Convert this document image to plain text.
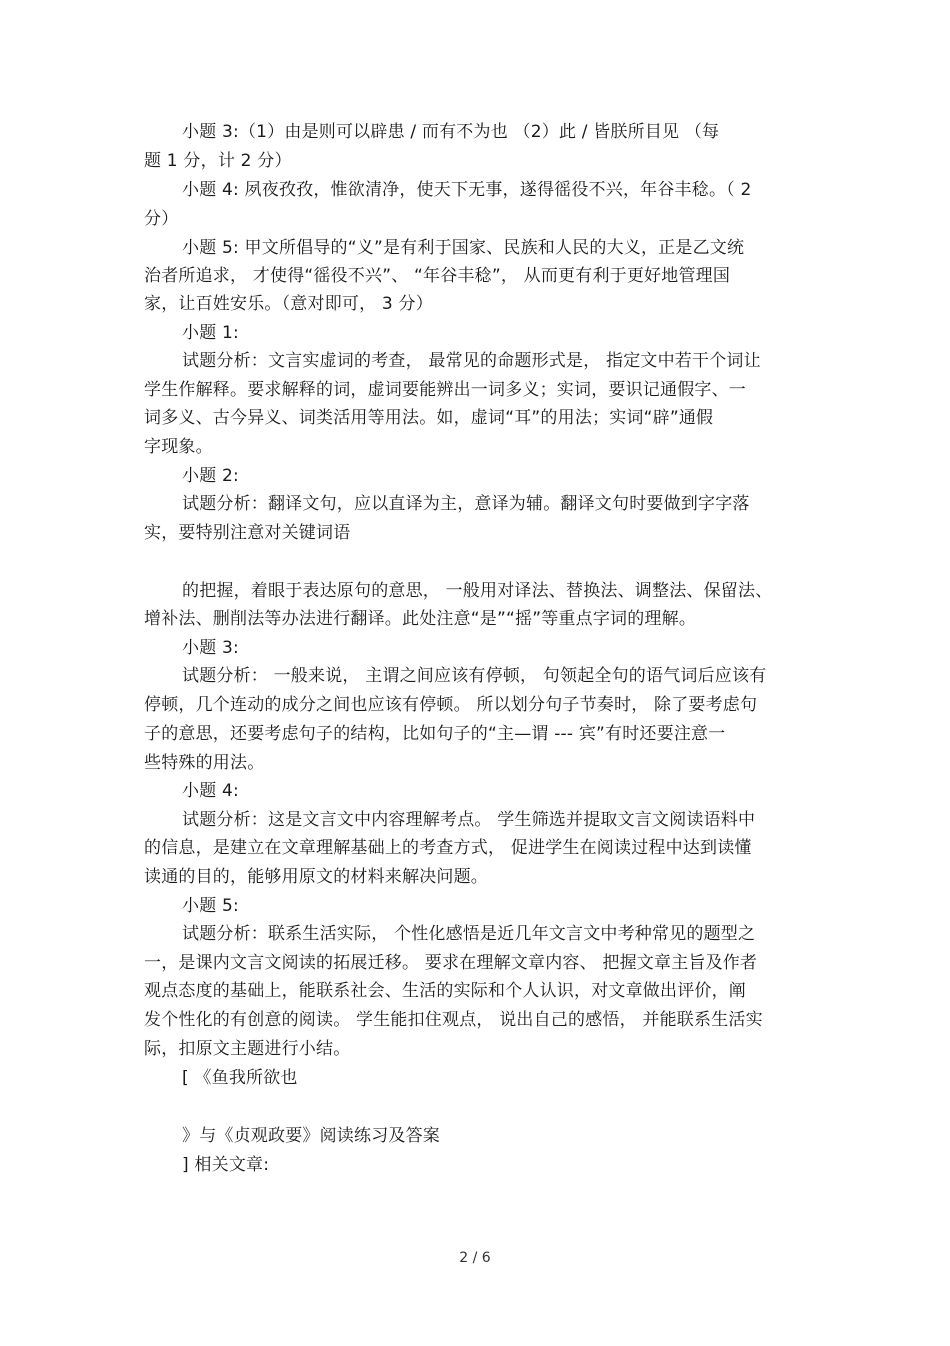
小题 3:（1）由是则可以辟患 / 而有不为也 （2）此 / 皆朕所目见 （每
题 1 分，计 2 分）
小题 4: 夙夜孜孜，惟欲清净，使天下无事，遂得徭役不兴，年谷丰稔。（ 2
分）
小题 5: 甲文所倡导的“义”是有利于国家、民族和人民的大义，正是乙文统
治者所追求， 才使得“徭役不兴”、 “年谷丰稔”， 从而更有利于更好地管理国
家，让百姓安乐。（意对即可， 3 分）
小题 1:
试题分析：文言实虚词的考查， 最常见的命题形式是， 指定文中若干个词让
学生作解释。要求解释的词，虚词要能辨出一词多义；实词，要识记通假字、一
词多义、古今异义、词类活用等用法。如，虚词“耳”的用法；实词“辟”通假
字现象。
小题 2:
试题分析：翻译文句，应以直译为主，意译为辅。翻译文句时要做到字字落
实，要特别注意对关键词语
的把握，着眼于表达原句的意思， 一般用对译法、替换法、调整法、保留法、
增补法、删削法等办法进行翻译。此处注意“是”“摇”等重点字词的理解。
小题 3:
试题分析： 一般来说， 主谓之间应该有停顿， 句领起全句的语气词后应该有
停顿，几个连动的成分之间也应该有停顿。 所以划分句子节奏时， 除了要考虑句
子的意思，还要考虑句子的结构，比如句子的“主—谓 --- 宾”有时还要注意一
些特殊的用法。
小题 4:
试题分析：这是文言文中内容理解考点。 学生筛选并提取文言文阅读语料中
的信息，是建立在文章理解基础上的考查方式， 促进学生在阅读过程中达到读懂
读通的目的，能够用原文的材料来解决问题。
小题 5:
试题分析：联系生活实际， 个性化感悟是近几年文言文中考种常见的题型之
一，是课内文言文阅读的拓展迁移。 要求在理解文章内容、 把握文章主旨及作者
观点态度的基础上，能联系社会、生活的实际和个人认识，对文章做出评价，阐
发个性化的有创意的阅读。 学生能扣住观点， 说出自己的感悟， 并能联系生活实
际，扣原文主题进行小结。
[ 《鱼我所欲也
》与《贞观政要》阅读练习及答案
] 相关文章:
2 / 6
